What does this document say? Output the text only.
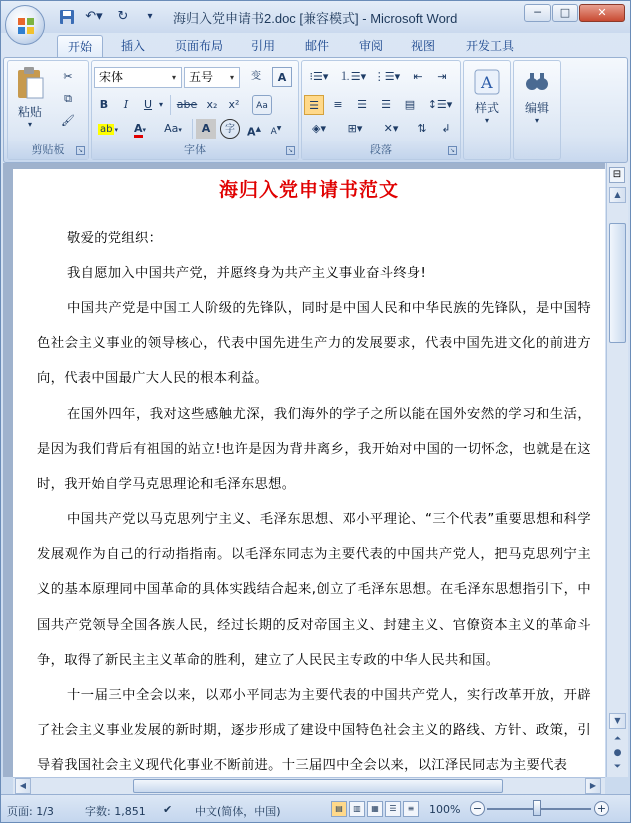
↶▾	↻	▾	海归入党申请书2.doc [兼容模式] - Microsoft Word	─	□	✕
开始	插入	页面布局	引用	邮件	审阅	视图	开发工具
粘贴
▾
✂
⧉
🖌
剪贴板	↘
宋体	▾	五号	▾	变	A
B	I	U ▾ abe x₂	x²	Aa
ab ▾	A▾	Aa▾	A	字	A▲	A▼
字体	↘
⁝☰▾	⒈☰▾ ⋮☰▾	⇤	⇥
☰	≡	☰	☰	▤	↕☰▾
◈▾	⊞▾	✕▾	⇅	↲
段落	↘
A
样式
▾
编辑
▾
海归入党申请书范文
敬爱的党组织：
我自愿加入中国共产党，并愿终身为共产主义事业奋斗终身!
中国共产党是中国工人阶级的先锋队，同时是中国人民和中华民族的先锋队，是中国特色社会主义事业的领导核心，代表中国先进生产力的发展要求，代表中国先进文化的前进方向，代表中国最广大人民的根本利益。
在国外四年，我对这些感触尤深，我们海外的学子之所以能在国外安然的学习和生活，是因为我们背后有祖国的站立!也许是因为背井离乡，我开始对中国的一切怀念，也就是在这时，我开始自学马克思理论和毛泽东思想。
中国共产党以马克思列宁主义、毛泽东思想、邓小平理论、“三个代表”重要思想和科学发展观作为自己的行动指指南。以毛泽东同志为主要代表的中国共产党人，把马克思列宁主义的基本原理同中国革命的具体实践结合起来,创立了毛泽东思想。在毛泽东思想指引下，中国共产党领导全国各族人民，经过长期的反对帝国主义、封建主义、官僚资本主义的革命斗争，取得了新民主主义革命的胜利，建立了人民民主专政的中华人民共和国。
十一届三中全会以来，以邓小平同志为主要代表的中国共产党人，实行改革开放，开辟了社会主义事业发展的新时期，逐步形成了建设中国特色社会主义的路线、方针、政策，引导着我国社会主义现代化事业不断前进。十三届四中全会以来，以江泽民同志为主要代表
⊟
▲
▼
⏶
●
⏷
◀	▶
页面: 1/3	字数: 1,851 ✔ 中文(简体，中国)	▤	▥	▦	☰	≡	100% −	+
